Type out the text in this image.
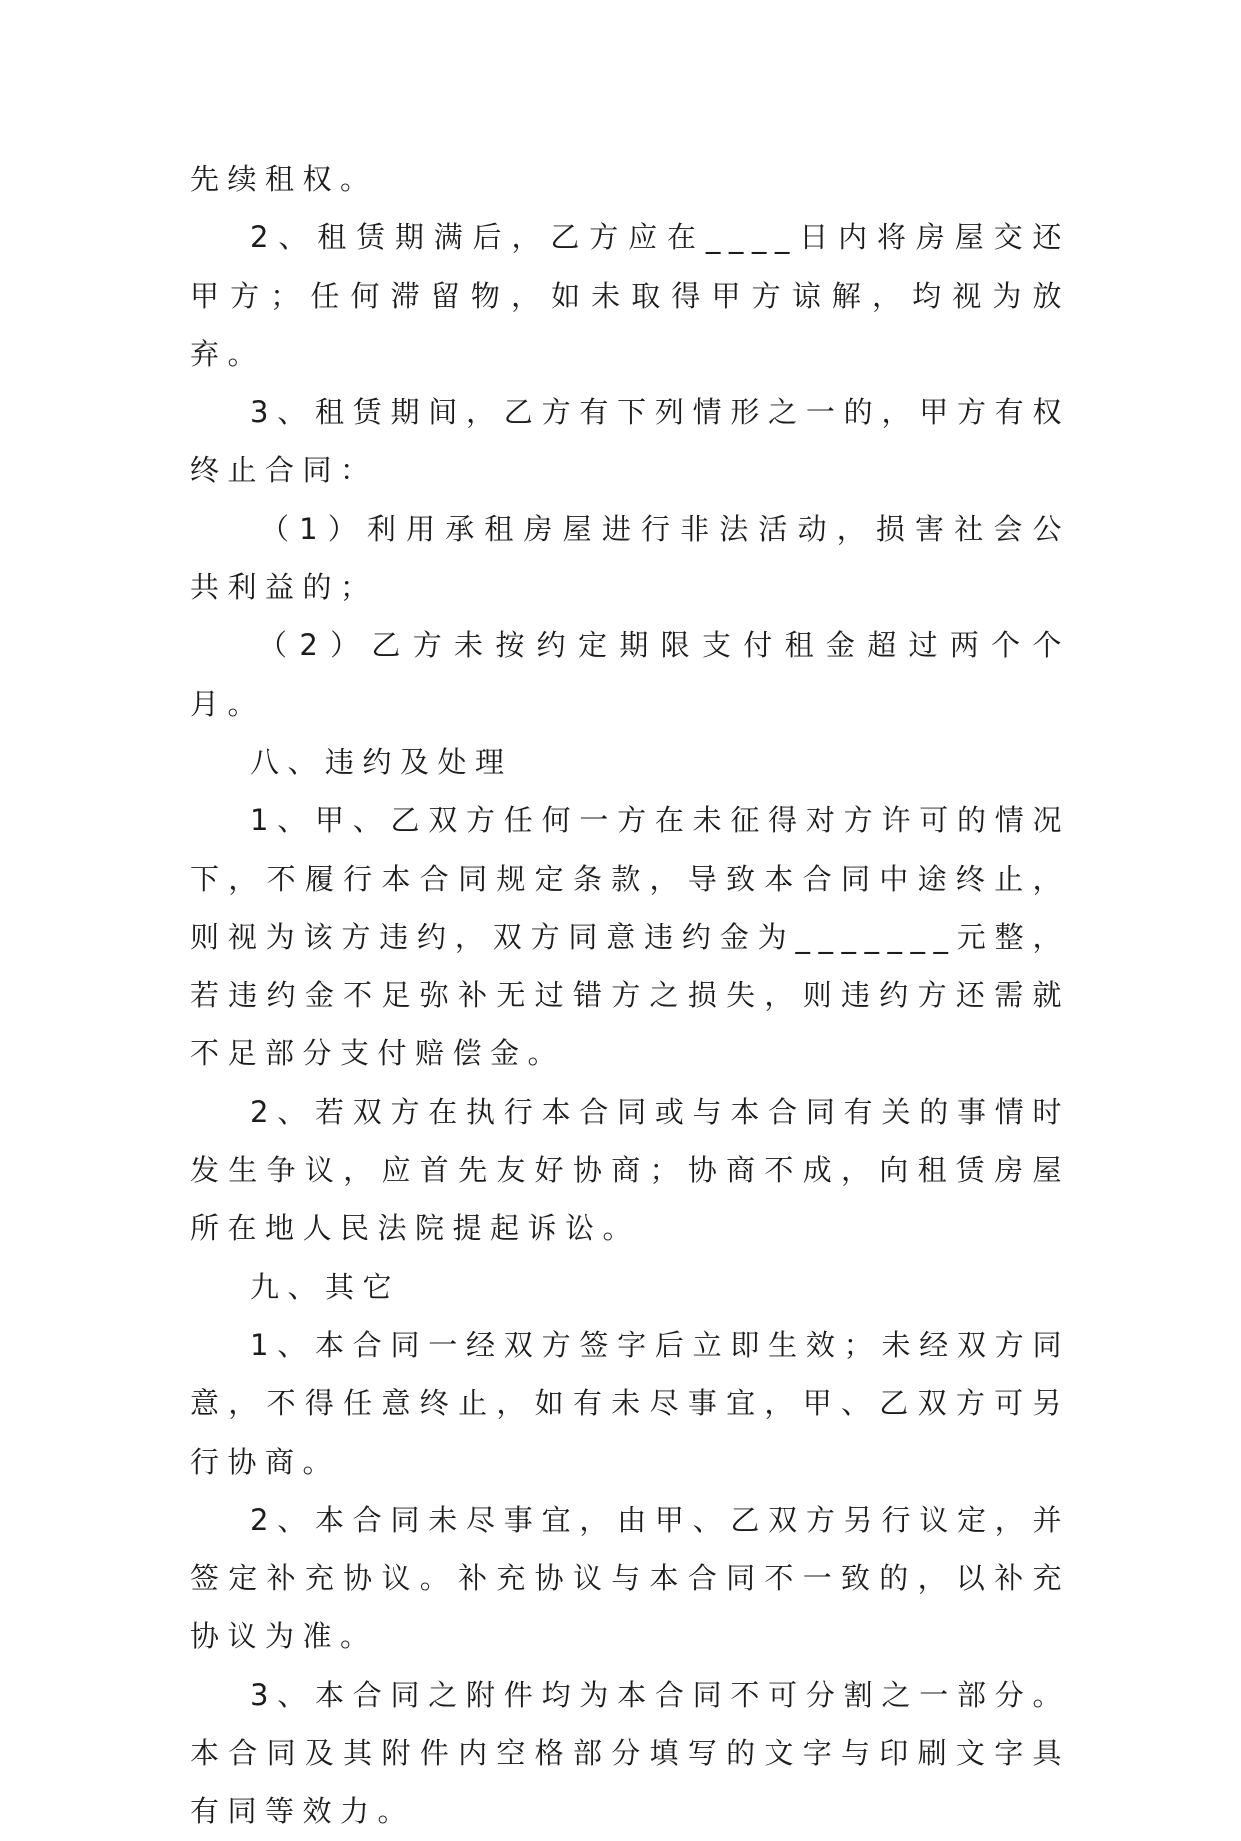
先续租权。

2、租赁期满后，乙方应在____日内将房屋交还甲方；任何滞留物，如未取得甲方谅解，均视为放弃。

3、租赁期间，乙方有下列情形之一的，甲方有权终止合同：

（1）利用承租房屋进行非法活动，损害社会公共利益的；

（2）乙方未按约定期限支付租金超过两个个月。

八、违约及处理

1、甲、乙双方任何一方在未征得对方许可的情况下，不履行本合同规定条款，导致本合同中途终止，则视为该方违约，双方同意违约金为_______元整，若违约金不足弥补无过错方之损失，则违约方还需就不足部分支付赔偿金。

2、若双方在执行本合同或与本合同有关的事情时发生争议，应首先友好协商；协商不成，向租赁房屋所在地人民法院提起诉讼。

九、其它

1、本合同一经双方签字后立即生效；未经双方同意，不得任意终止，如有未尽事宜，甲、乙双方可另行协商。

2、本合同未尽事宜，由甲、乙双方另行议定，并签定补充协议。补充协议与本合同不一致的，以补充协议为准。

3、本合同之附件均为本合同不可分割之一部分。本合同及其附件内空格部分填写的文字与印刷文字具有同等效力。
